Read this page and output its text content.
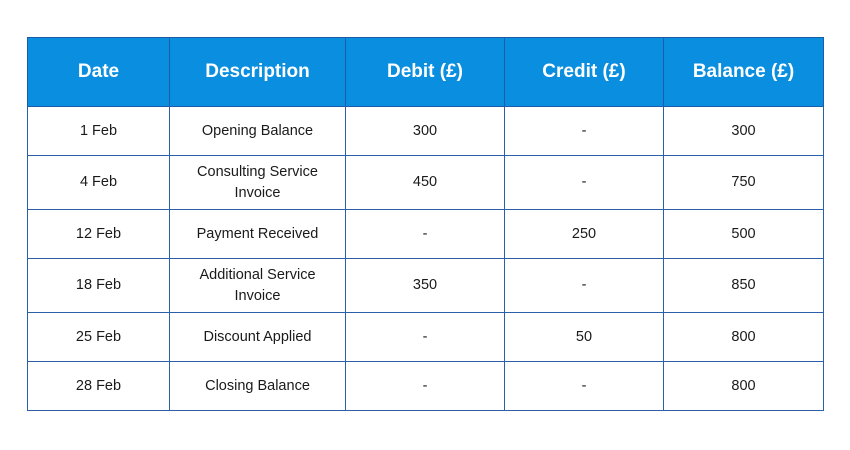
Date	Description	Debit (£)	Credit (£)	Balance (£)
1 Feb	Opening Balance	300	-	300
4 Feb	Consulting Service Invoice	450	-	750
12 Feb	Payment Received	-	250	500
18 Feb	Additional Service Invoice	350	-	850
25 Feb	Discount Applied	-	50	800
28 Feb	Closing Balance	-	-	800
